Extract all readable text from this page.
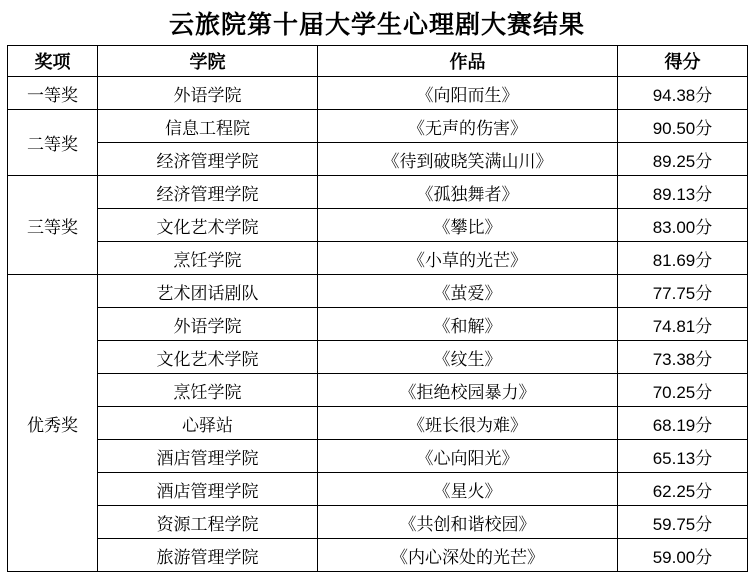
云旅院第十届大学生心理剧大赛结果
奖项	学院	作品	得分
一等奖	外语学院	《向阳而生》	94.38分
二等奖	信息工程院	《无声的伤害》	90.50分
	经济管理学院	《待到破晓笑满山川》	89.25分
三等奖	经济管理学院	《孤独舞者》	89.13分
	文化艺术学院	《攀比》	83.00分
	烹饪学院	《小草的光芒》	81.69分
优秀奖	艺术团话剧队	《茧爱》	77.75分
	外语学院	《和解》	74.81分
	文化艺术学院	《纹生》	73.38分
	烹饪学院	《拒绝校园暴力》	70.25分
	心驿站	《班长很为难》	68.19分
	酒店管理学院	《心向阳光》	65.13分
	酒店管理学院	《星火》	62.25分
	资源工程学院	《共创和谐校园》	59.75分
	旅游管理学院	《内心深处的光芒》	59.00分
